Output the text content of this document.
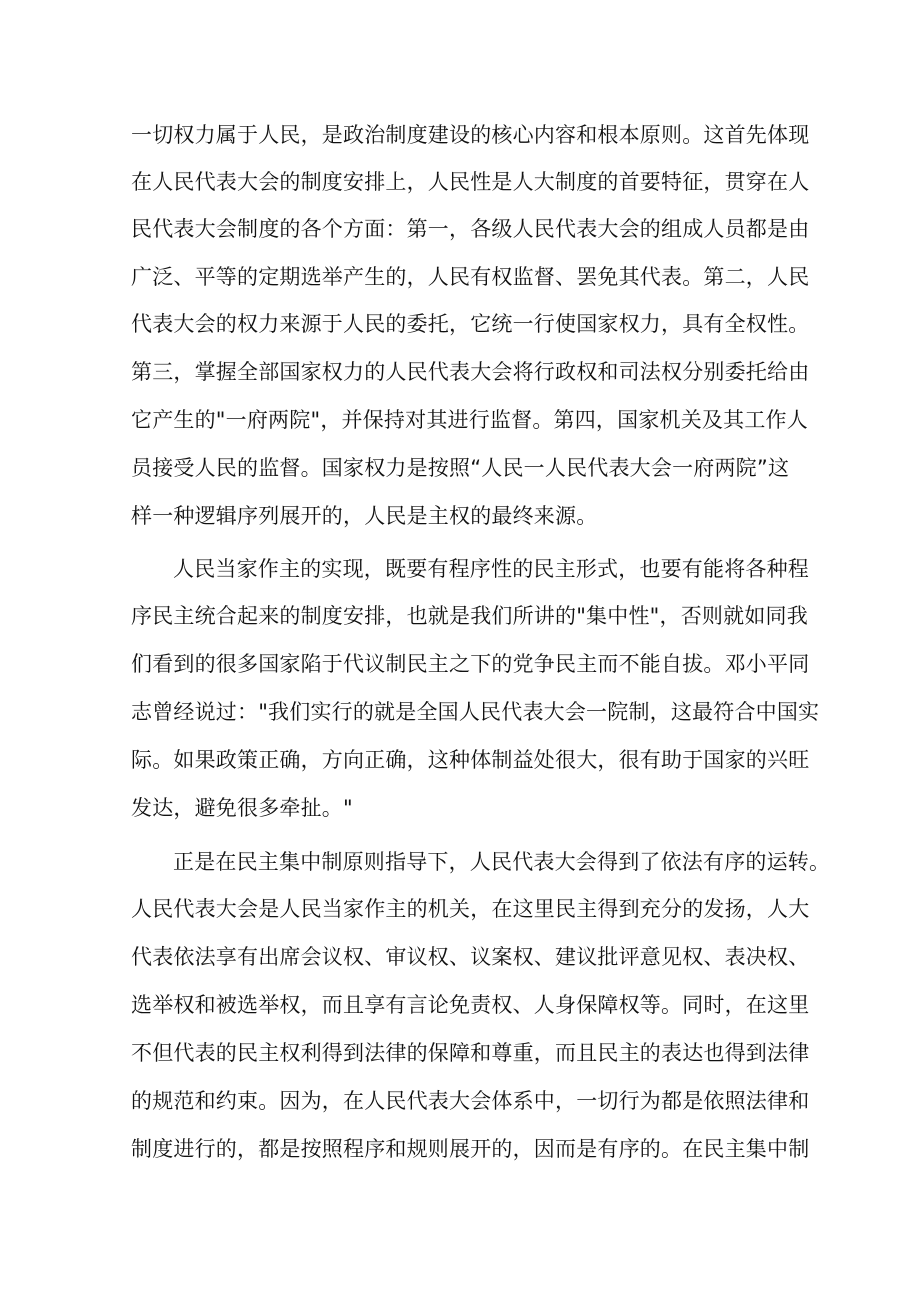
一切权力属于人民，是政治制度建设的核心内容和根本原则。这首先体现
在人民代表大会的制度安排上，人民性是人大制度的首要特征，贯穿在人
民代表大会制度的各个方面：第一，各级人民代表大会的组成人员都是由
广泛、平等的定期选举产生的，人民有权监督、罢免其代表。第二，人民
代表大会的权力来源于人民的委托，它统一行使国家权力，具有全权性。
第三，掌握全部国家权力的人民代表大会将行政权和司法权分别委托给由
它产生的"一府两院"，并保持对其进行监督。第四，国家机关及其工作人
员接受人民的监督。国家权力是按照“人民一人民代表大会一府两院”这
样一种逻辑序列展开的，人民是主权的最终来源。
人民当家作主的实现，既要有程序性的民主形式，也要有能将各种程
序民主统合起来的制度安排，也就是我们所讲的"集中性"，否则就如同我
们看到的很多国家陷于代议制民主之下的党争民主而不能自拔。邓小平同
志曾经说过："我们实行的就是全国人民代表大会一院制，这最符合中国实
际。如果政策正确，方向正确，这种体制益处很大，很有助于国家的兴旺
发达，避免很多牵扯。"
正是在民主集中制原则指导下，人民代表大会得到了依法有序的运转。
人民代表大会是人民当家作主的机关，在这里民主得到充分的发扬，人大
代表依法享有出席会议权、审议权、议案权、建议批评意见权、表决权、
选举权和被选举权，而且享有言论免责权、人身保障权等。同时，在这里
不但代表的民主权利得到法律的保障和尊重，而且民主的表达也得到法律
的规范和约束。因为，在人民代表大会体系中，一切行为都是依照法律和
制度进行的，都是按照程序和规则展开的，因而是有序的。在民主集中制
